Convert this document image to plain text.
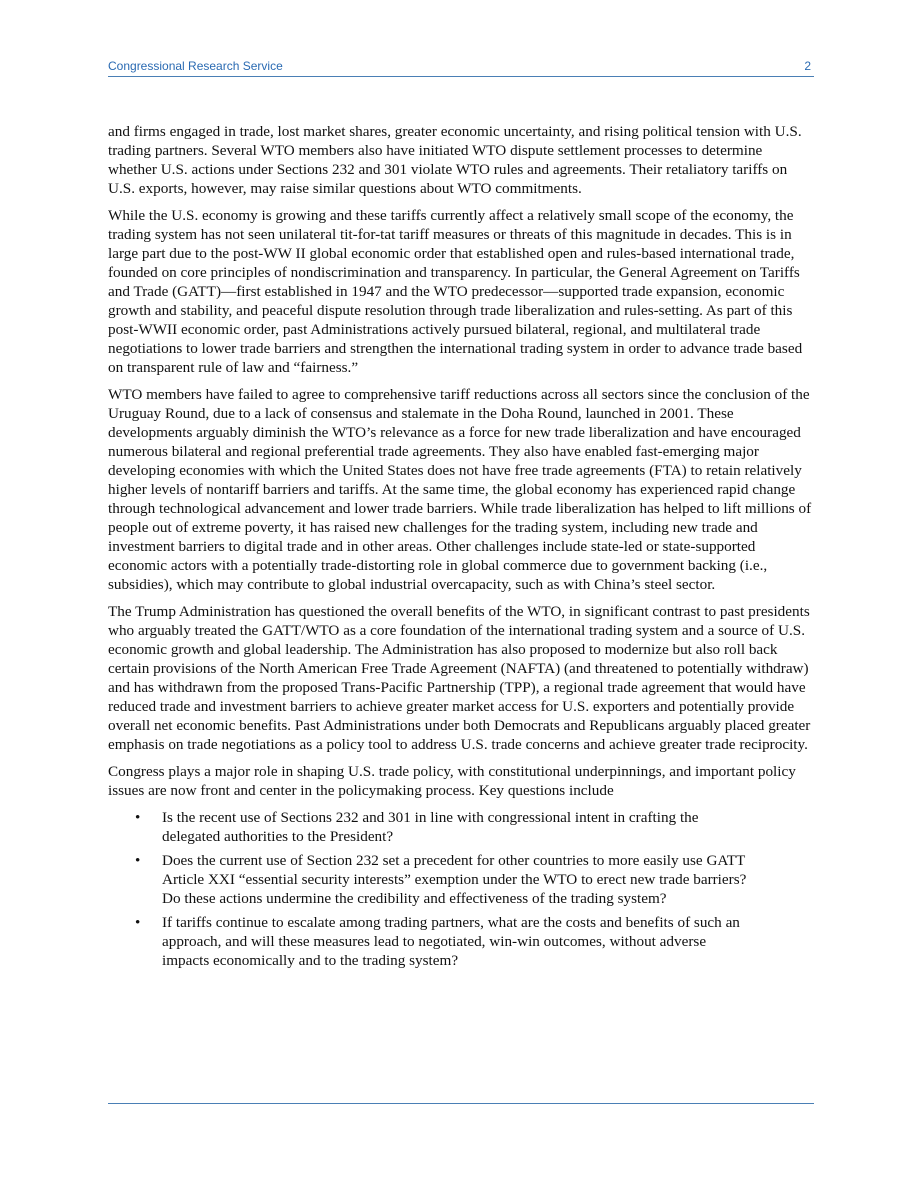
Congressional Research Service	2

and firms engaged in trade, lost market shares, greater economic uncertainty, and rising political tension with U.S. trading partners. Several WTO members also have initiated WTO dispute settlement processes to determine whether U.S. actions under Sections 232 and 301 violate WTO rules and agreements. Their retaliatory tariffs on U.S. exports, however, may raise similar questions about WTO commitments.

While the U.S. economy is growing and these tariffs currently affect a relatively small scope of the economy, the trading system has not seen unilateral tit-for-tat tariff measures or threats of this magnitude in decades. This is in large part due to the post-WW II global economic order that established open and rules-based international trade, founded on core principles of nondiscrimination and transparency. In particular, the General Agreement on Tariffs and Trade (GATT)—first established in 1947 and the WTO predecessor—supported trade expansion, economic growth and stability, and peaceful dispute resolution through trade liberalization and rules-setting. As part of this post-WWII economic order, past Administrations actively pursued bilateral, regional, and multilateral trade negotiations to lower trade barriers and strengthen the international trading system in order to advance trade based on transparent rule of law and “fairness.”

WTO members have failed to agree to comprehensive tariff reductions across all sectors since the conclusion of the Uruguay Round, due to a lack of consensus and stalemate in the Doha Round, launched in 2001. These developments arguably diminish the WTO’s relevance as a force for new trade liberalization and have encouraged numerous bilateral and regional preferential trade agreements. They also have enabled fast-emerging major developing economies with which the United States does not have free trade agreements (FTA) to retain relatively higher levels of nontariff barriers and tariffs. At the same time, the global economy has experienced rapid change through technological advancement and lower trade barriers. While trade liberalization has helped to lift millions of people out of extreme poverty, it has raised new challenges for the trading system, including new trade and investment barriers to digital trade and in other areas. Other challenges include state-led or state-supported economic actors with a potentially trade-distorting role in global commerce due to government backing (i.e., subsidies), which may contribute to global industrial overcapacity, such as with China’s steel sector.

The Trump Administration has questioned the overall benefits of the WTO, in significant contrast to past presidents who arguably treated the GATT/WTO as a core foundation of the international trading system and a source of U.S. economic growth and global leadership. The Administration has also proposed to modernize but also roll back certain provisions of the North American Free Trade Agreement (NAFTA) (and threatened to potentially withdraw) and has withdrawn from the proposed Trans-Pacific Partnership (TPP), a regional trade agreement that would have reduced trade and investment barriers to achieve greater market access for U.S. exporters and potentially provide overall net economic benefits. Past Administrations under both Democrats and Republicans arguably placed greater emphasis on trade negotiations as a policy tool to address U.S. trade concerns and achieve greater trade reciprocity.

Congress plays a major role in shaping U.S. trade policy, with constitutional underpinnings, and important policy issues are now front and center in the policymaking process. Key questions include

• Is the recent use of Sections 232 and 301 in line with congressional intent in crafting the delegated authorities to the President?
• Does the current use of Section 232 set a precedent for other countries to more easily use GATT Article XXI “essential security interests” exemption under the WTO to erect new trade barriers? Do these actions undermine the credibility and effectiveness of the trading system?
• If tariffs continue to escalate among trading partners, what are the costs and benefits of such an approach, and will these measures lead to negotiated, win-win outcomes, without adverse impacts economically and to the trading system?
